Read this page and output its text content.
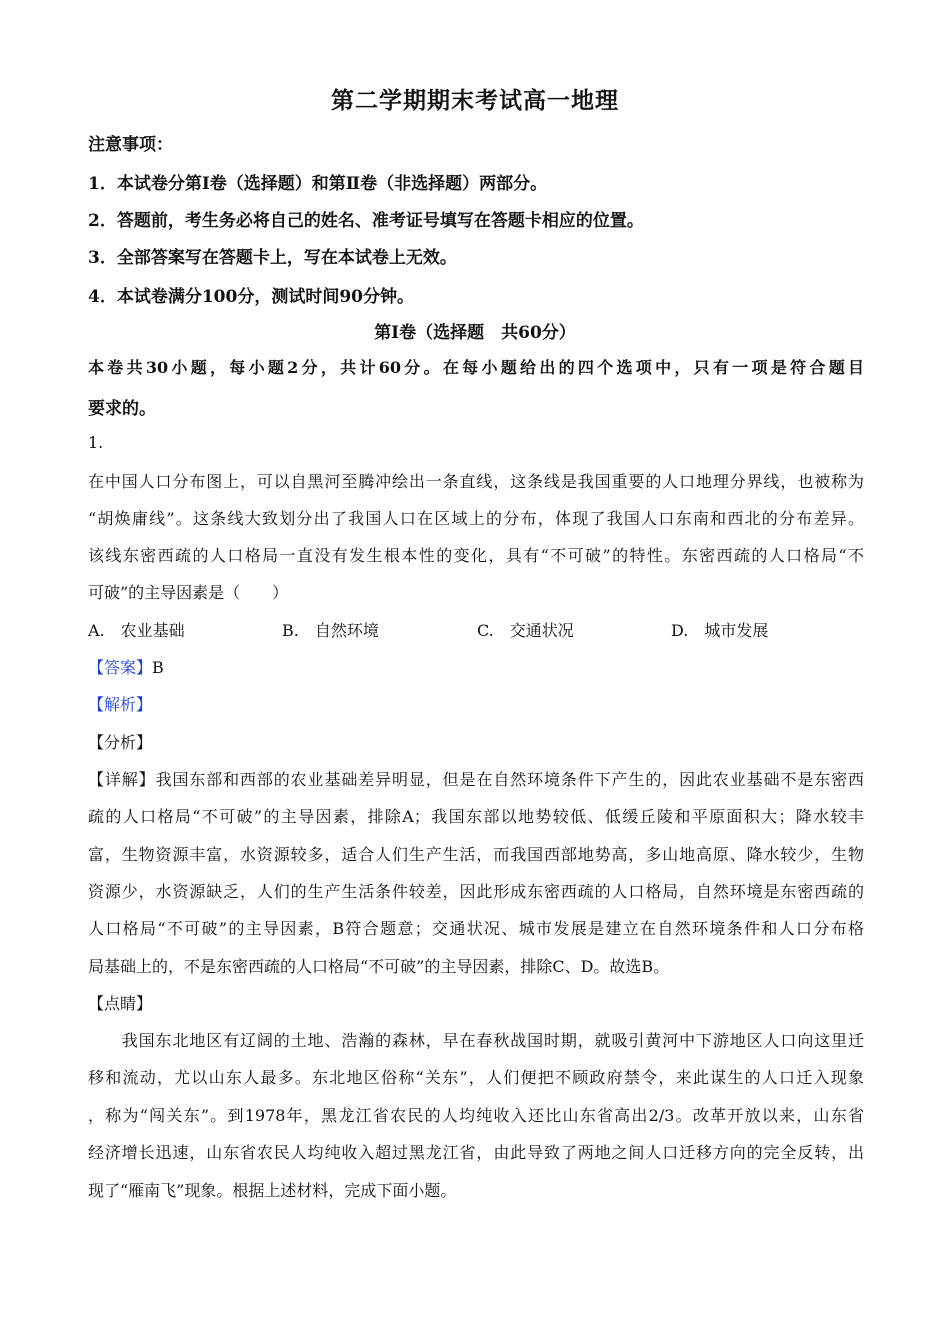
第二学期期末考试高一地理
注意事项：
1．本试卷分第Ⅰ卷（选择题）和第Ⅱ卷（非选择题）两部分。
2．答题前，考生务必将自己的姓名、准考证号填写在答题卡相应的位置。
3．全部答案写在答题卡上，写在本试卷上无效。
4．本试卷满分100分，测试时间90分钟。
第Ⅰ卷（选择题　共60分）
本卷共30小题，每小题2分，共计60分。在每小题给出的四个选项中，只有一项是符合题目
要求的。
1.
在中国人口分布图上，可以自黑河至腾冲绘出一条直线，这条线是我国重要的人口地理分界线，也被称为
“胡焕庸线”。这条线大致划分出了我国人口在区域上的分布，体现了我国人口东南和西北的分布差异。
该线东密西疏的人口格局一直没有发生根本性的变化，具有“不可破”的特性。东密西疏的人口格局“不
可破”的主导因素是（　　）
A.　农业基础	B.　自然环境	C.　交通状况	D.　城市发展
【答案】B
【解析】
【分析】
【详解】我国东部和西部的农业基础差异明显，但是在自然环境条件下产生的，因此农业基础不是东密西
疏的人口格局“不可破”的主导因素，排除A；我国东部以地势较低、低缓丘陵和平原面积大；降水较丰
富，生物资源丰富，水资源较多，适合人们生产生活，而我国西部地势高，多山地高原、降水较少，生物
资源少，水资源缺乏，人们的生产生活条件较差，因此形成东密西疏的人口格局，自然环境是东密西疏的
人口格局“不可破”的主导因素，B符合题意；交通状况、城市发展是建立在自然环境条件和人口分布格
局基础上的，不是东密西疏的人口格局“不可破”的主导因素，排除C、D。故选B。
【点睛】
　　我国东北地区有辽阔的土地、浩瀚的森林，早在春秋战国时期，就吸引黄河中下游地区人口向这里迁
移和流动，尤以山东人最多。东北地区俗称“关东”，人们便把不顾政府禁令，来此谋生的人口迁入现象
，称为“闯关东”。到1978年，黑龙江省农民的人均纯收入还比山东省高出2/3。改革开放以来，山东省
经济增长迅速，山东省农民人均纯收入超过黑龙江省，由此导致了两地之间人口迁移方向的完全反转，出
现了“雁南飞”现象。根据上述材料，完成下面小题。
